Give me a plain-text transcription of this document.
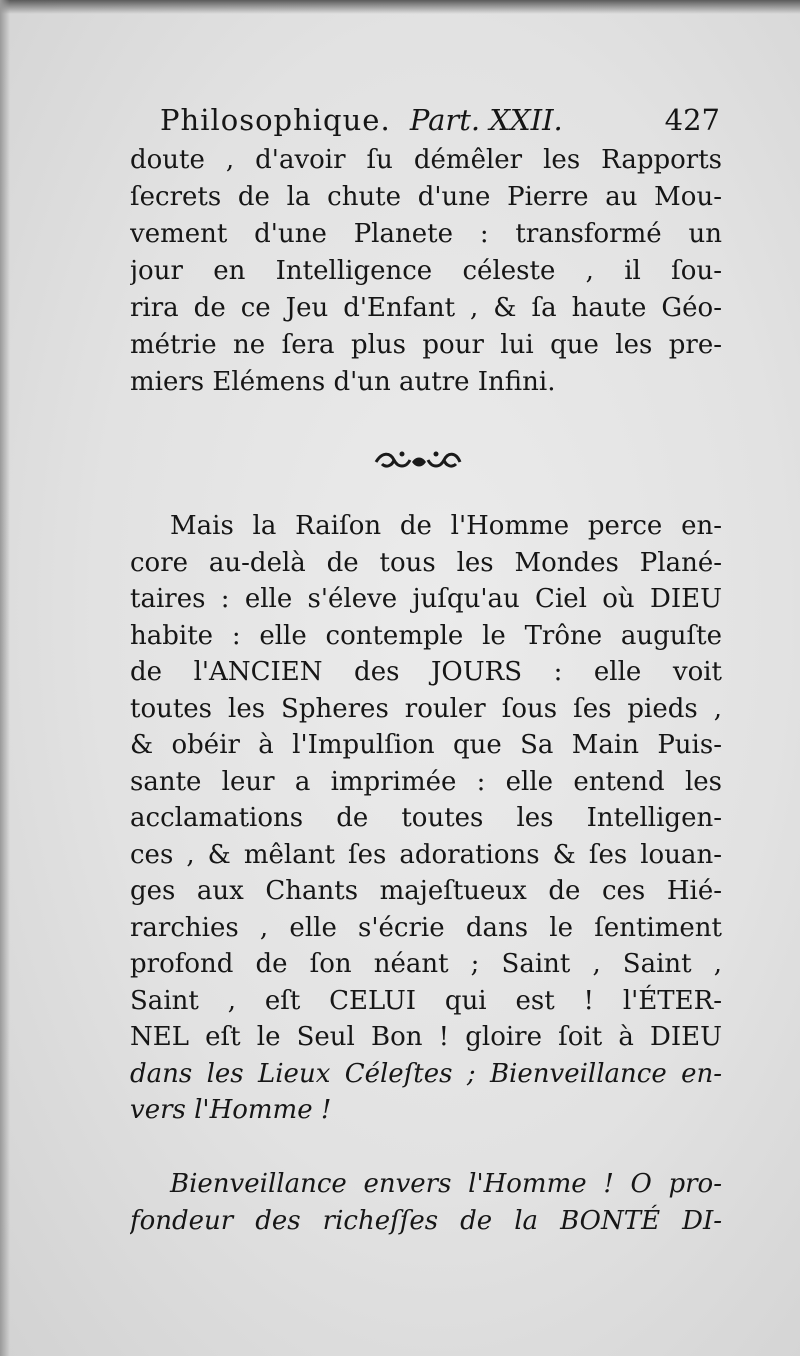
Philosophique. Part. XXII.	427
doute , d'avoir ſu démêler les Rapports
ſecrets de la chute d'une Pierre au Mou-
vement d'une Planete : transformé un
jour en Intelligence céleste , il ſou-
rira de ce Jeu d'Enfant , & ſa haute Géo-
métrie ne ſera plus pour lui que les pre-
miers Elémens d'un autre Infini.
Mais la Raiſon de l'Homme perce en-
core au-delà de tous les Mondes Plané-
taires : elle s'éleve juſqu'au Ciel où DIEU
habite : elle contemple le Trône auguſte
de l'ANCIEN des JOURS : elle voit
toutes les Spheres rouler ſous ſes pieds ,
& obéir à l'Impulſion que Sa Main Puis-
sante leur a imprimée : elle entend les
acclamations de toutes les Intelligen-
ces , & mêlant ſes adorations & ſes louan-
ges aux Chants majeſtueux de ces Hié-
rarchies , elle s'écrie dans le ſentiment
profond de ſon néant ; Saint , Saint ,
Saint , eſt CELUI qui est ! l'ÉTER-
NEL eſt le Seul Bon ! gloire ſoit à DIEU
dans les Lieux Céleſtes ; Bienveillance en-
vers l'Homme !
Bienveillance envers l'Homme ! O pro-
fondeur des richeſſes de la BONTÉ DI-
